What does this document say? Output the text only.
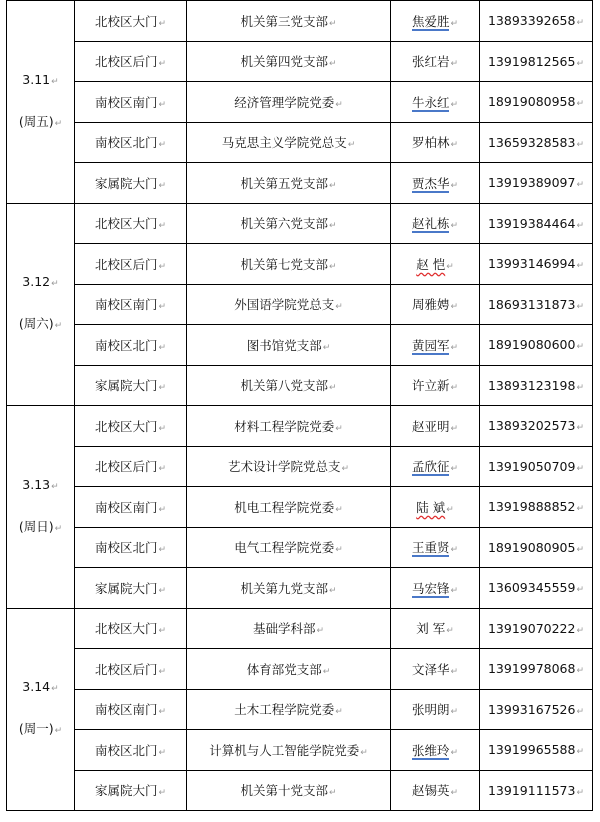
3.11↵

(周五)↵	北校区大门↵	机关第三党支部↵	焦爱胜↵	13893392658↵
	北校区后门↵	机关第四党支部↵	张红岩↵	13919812565↵
	南校区南门↵	经济管理学院党委↵	牛永红↵	18919080958↵
	南校区北门↵	马克思主义学院党总支↵	罗柏林↵	13659328583↵
	家属院大门↵	机关第五党支部↵	贾杰华↵	13919389097↵

3.12↵

(周六)↵	北校区大门↵	机关第六党支部↵	赵礼栋↵	13919384464↵
	北校区后门↵	机关第七党支部↵	赵 恺↵	13993146994↵
	南校区南门↵	外国语学院党总支↵	周雅娉↵	18693131873↵
	南校区北门↵	图书馆党支部↵	黄园军↵	18919080600↵
	家属院大门↵	机关第八党支部↵	许立新↵	13893123198↵

3.13↵

(周日)↵	北校区大门↵	材料工程学院党委↵	赵亚明↵	13893202573↵
	北校区后门↵	艺术设计学院党总支↵	孟欣征↵	13919050709↵
	南校区南门↵	机电工程学院党委↵	陆 斌↵	13919888852↵
	南校区北门↵	电气工程学院党委↵	王重贤↵	18919080905↵
	家属院大门↵	机关第九党支部↵	马宏锋↵	13609345559↵

3.14↵

(周一)↵	北校区大门↵	基础学科部↵	刘 军↵	13919070222↵
	北校区后门↵	体育部党支部↵	文泽华↵	13919978068↵
	南校区南门↵	土木工程学院党委↵	张明朗↵	13993167526↵
	南校区北门↵	计算机与人工智能学院党委↵	张维玲↵	13919965588↵
	家属院大门↵	机关第十党支部↵	赵锡英↵	13919111573↵
